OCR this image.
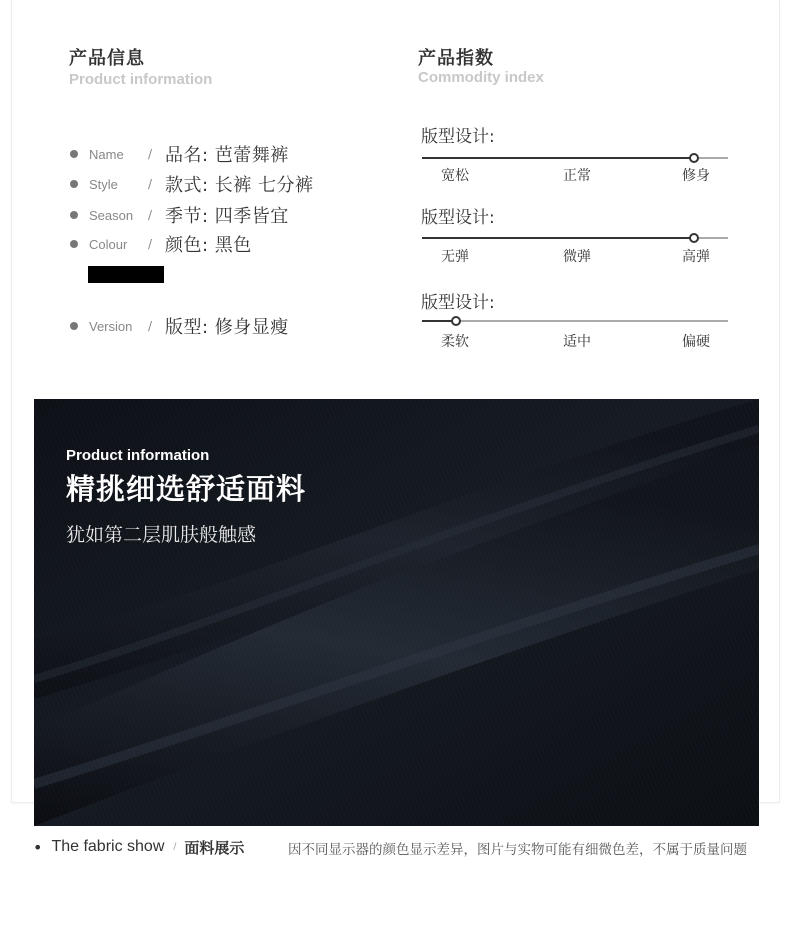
产品信息
Product information
产品指数
Commodity index
Name / 品名: 芭蕾舞裤
Style	/ 款式: 长裤 七分裤
Season / 季节: 四季皆宜
Colour / 颜色: 黑色
Version / 版型: 修身显瘦
版型设计:
宽松	正常	修身
版型设计:
无弹	微弹	高弹
版型设计:
柔软	适中	偏硬
Product information
精挑细选舒适面料
犹如第二层肌肤般触感
• The fabric show / 面料展示	因不同显示器的颜色显示差异，图片与实物可能有细微色差，不属于质量问题
